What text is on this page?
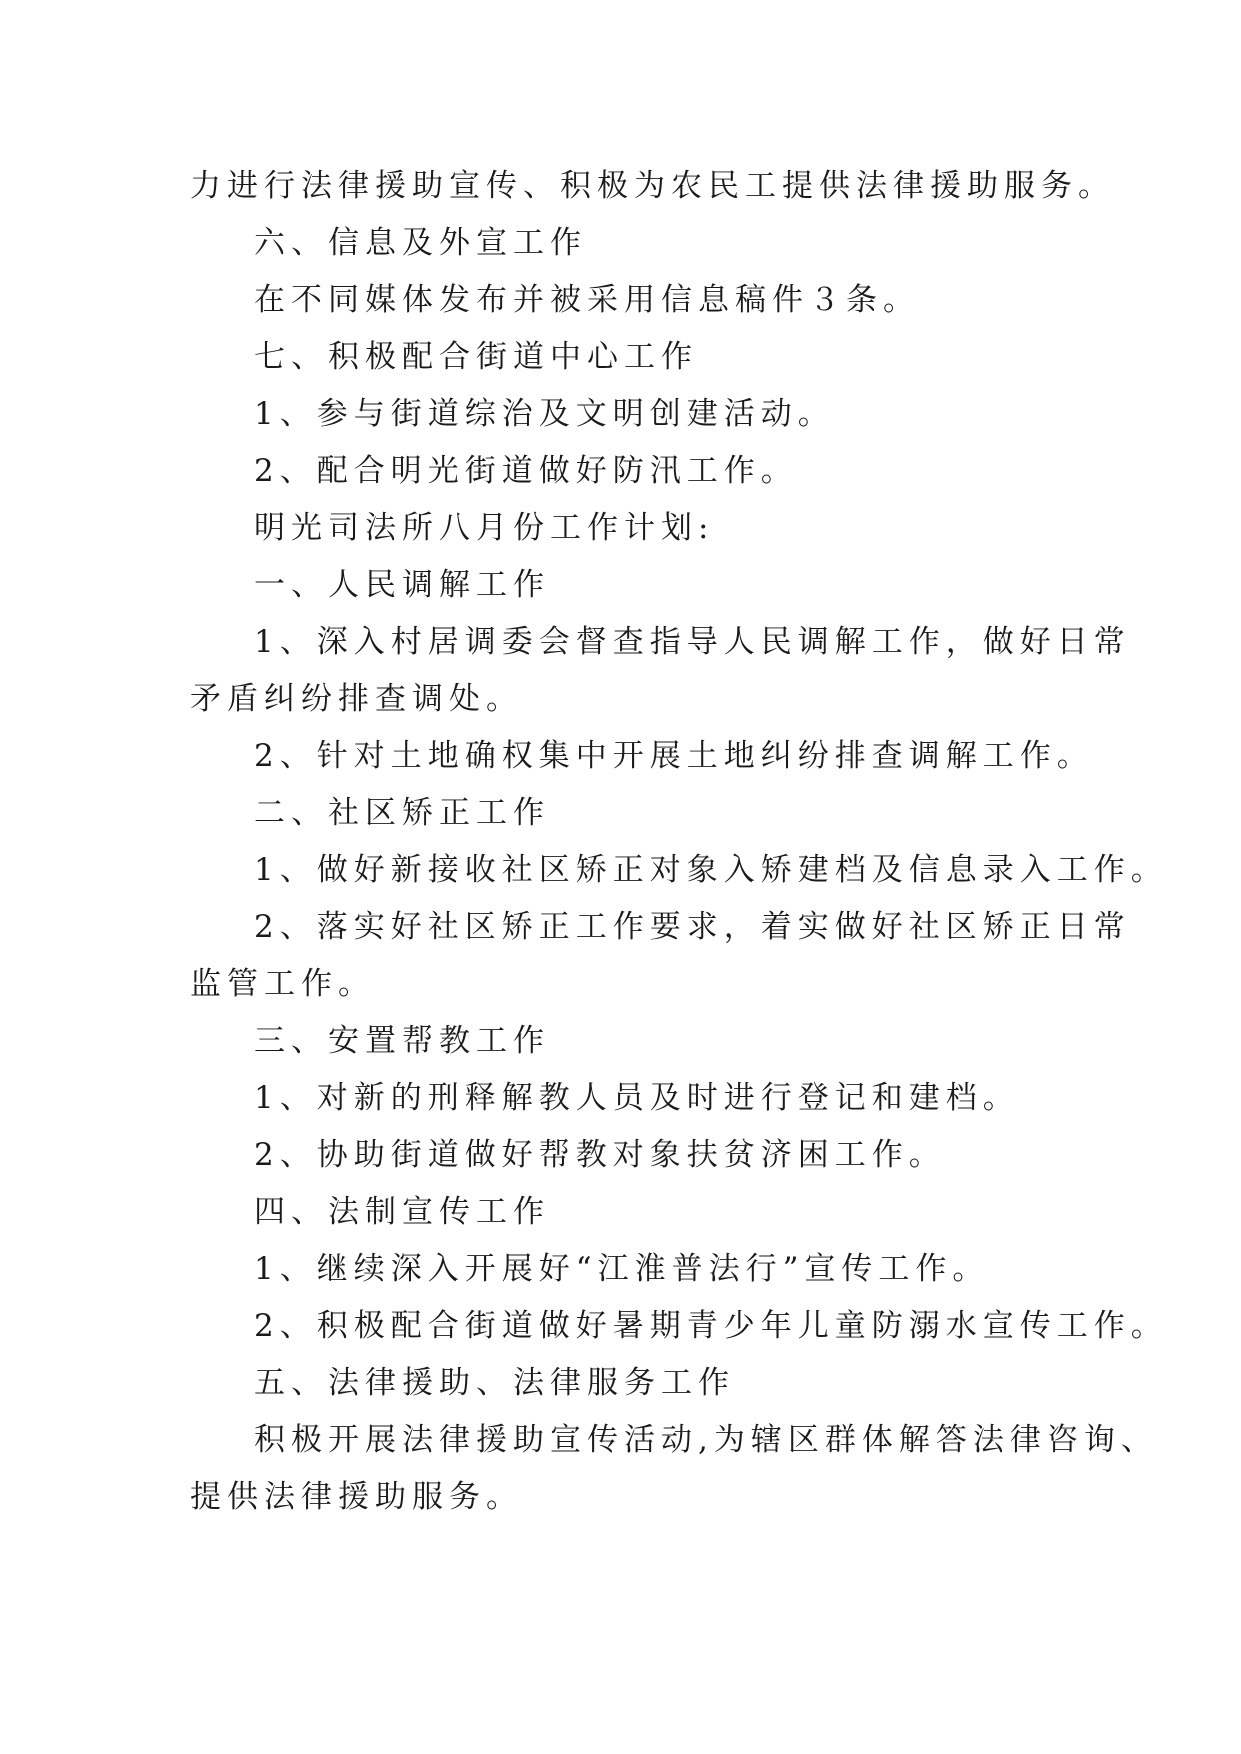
力进行法律援助宣传、积极为农民工提供法律援助服务。
六、信息及外宣工作
在不同媒体发布并被采用信息稿件３条。
七、积极配合街道中心工作
1、参与街道综治及文明创建活动。
2、配合明光街道做好防汛工作。
明光司法所八月份工作计划:
一、人民调解工作
1、深入村居调委会督查指导人民调解工作，做好日常
矛盾纠纷排查调处。
2、针对土地确权集中开展土地纠纷排查调解工作。
二、社区矫正工作
1、做好新接收社区矫正对象入矫建档及信息录入工作。
2、落实好社区矫正工作要求，着实做好社区矫正日常
监管工作。
三、安置帮教工作
1、对新的刑释解教人员及时进行登记和建档。
2、协助街道做好帮教对象扶贫济困工作。
四、法制宣传工作
1、继续深入开展好“江淮普法行”宣传工作。
2、积极配合街道做好暑期青少年儿童防溺水宣传工作。
五、法律援助、法律服务工作
积极开展法律援助宣传活动,为辖区群体解答法律咨询、
提供法律援助服务。
